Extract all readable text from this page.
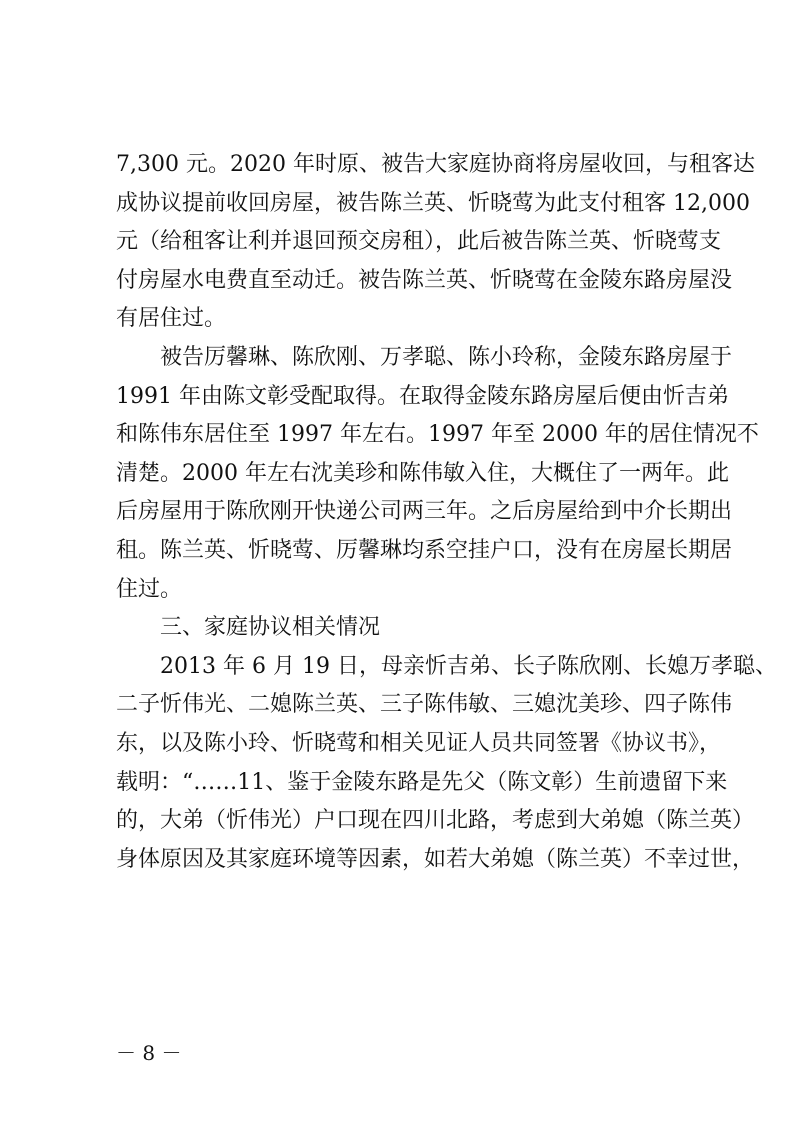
7,300 元。2020 年时原、被告大家庭协商将房屋收回，与租客达
成协议提前收回房屋，被告陈兰英、忻晓莺为此支付租客 12,000
元（给租客让利并退回预交房租），此后被告陈兰英、忻晓莺支
付房屋水电费直至动迁。被告陈兰英、忻晓莺在金陵东路房屋没
有居住过。
被告厉馨琳、陈欣刚、万孝聪、陈小玲称，金陵东路房屋于
1991 年由陈文彰受配取得。在取得金陵东路房屋后便由忻吉弟
和陈伟东居住至 1997 年左右。1997 年至 2000 年的居住情况不
清楚。2000 年左右沈美珍和陈伟敏入住，大概住了一两年。此
后房屋用于陈欣刚开快递公司两三年。之后房屋给到中介长期出
租。陈兰英、忻晓莺、厉馨琳均系空挂户口，没有在房屋长期居
住过。
三、家庭协议相关情况
2013 年 6 月 19 日，母亲忻吉弟、长子陈欣刚、长媳万孝聪、
二子忻伟光、二媳陈兰英、三子陈伟敏、三媳沈美珍、四子陈伟
东，以及陈小玲、忻晓莺和相关见证人员共同签署《协议书》，
载明：“……11、鉴于金陵东路是先父（陈文彰）生前遗留下来
的，大弟（忻伟光）户口现在四川北路，考虑到大弟媳（陈兰英）
身体原因及其家庭环境等因素，如若大弟媳（陈兰英）不幸过世，
－ 8 －
